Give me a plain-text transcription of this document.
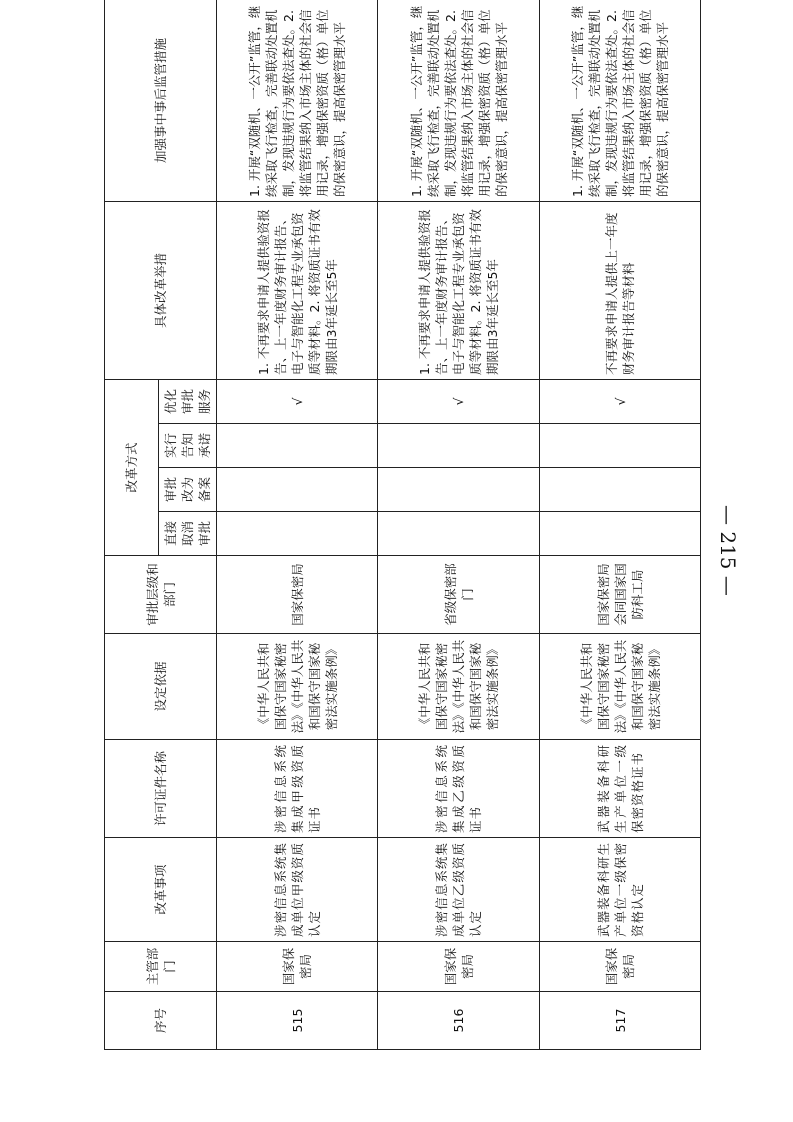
— 215 —
序号	主管部门	改革事项	许可证件名称	设定依据	审批层级和部门	改革方式				具体改革举措	加强事中事后监管措施
						直接取消审批	审批改为备案	实行告知承诺	优化审批服务		
515	国家保密局	涉密信息系统集成单位甲级资质认定	涉密信息系统集成甲级资质证书	《中华人民共和国保守国家秘密法》《中华人民共和国保守国家秘密法实施条例》	国家保密局				√	1. 不再要求申请人提供验资报告、上一年度财务审计报告、电子与智能化工程专业承包资质等材料。2. 将资质证书有效期限由3年延长至5年	1. 开展“双随机、一公开”监管，继续采取飞行检查，完善联动处置机制，发现违规行为要依法查处。2. 将监管结果纳入市场主体的社会信用记录，增强保密资质（格）单位的保密意识，提高保密管理水平
516	国家保密局	涉密信息系统集成单位乙级资质认定	涉密信息系统集成乙级资质证书	《中华人民共和国保守国家秘密法》《中华人民共和国保守国家秘密法实施条例》	省级保密部门				√	1. 不再要求申请人提供验资报告、上一年度财务审计报告、电子与智能化工程专业承包资质等材料。2. 将资质证书有效期限由3年延长至5年	1. 开展“双随机、一公开”监管，继续采取飞行检查，完善联动处置机制，发现违规行为要依法查处。2. 将监管结果纳入市场主体的社会信用记录，增强保密资质（格）单位的保密意识，提高保密管理水平
517	国家保密局	武器装备科研生产单位一级保密资格认定	武器装备科研生产单位一级保密资格证书	《中华人民共和国保守国家秘密法》《中华人民共和国保守国家秘密法实施条例》	国家保密局会同国家国防科工局				√	不再要求申请人提供上一年度财务审计报告等材料	1. 开展“双随机、一公开”监管，继续采取飞行检查，完善联动处置机制，发现违规行为要依法查处。2. 将监管结果纳入市场主体的社会信用记录，增强保密资质（格）单位的保密意识，提高保密管理水平
